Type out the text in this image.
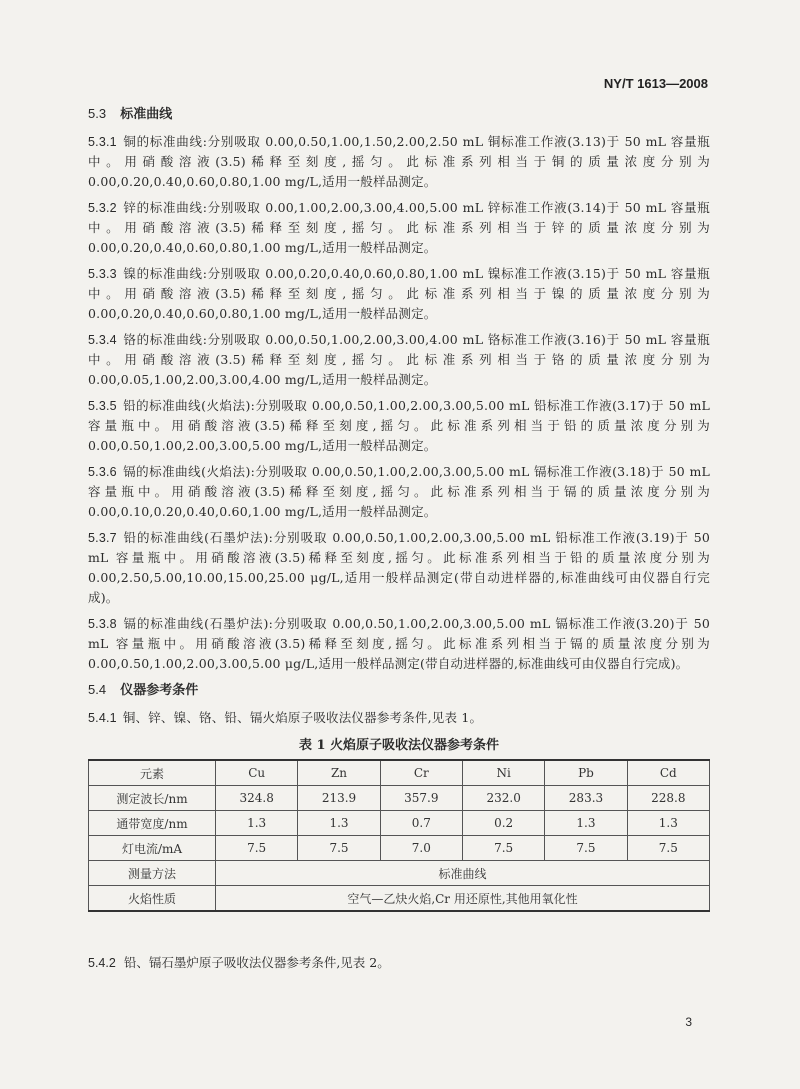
NY/T 1613—2008
5.3 标准曲线

5.3.1 铜的标准曲线:分别吸取 0.00,0.50,1.00,1.50,2.00,2.50 mL 铜标准工作液(3.13)于 50 mL 容量瓶中。用硝酸溶液(3.5)稀释至刻度,摇匀。此标准系列相当于铜的质量浓度分别为 0.00,0.20,0.40,0.60,0.80,1.00 mg/L,适用一般样品测定。

5.3.2 锌的标准曲线:分别吸取 0.00,1.00,2.00,3.00,4.00,5.00 mL 锌标准工作液(3.14)于 50 mL 容量瓶中。用硝酸溶液(3.5)稀释至刻度,摇匀。此标准系列相当于锌的质量浓度分别为 0.00,0.20,0.40,0.60,0.80,1.00 mg/L,适用一般样品测定。

5.3.3 镍的标准曲线:分别吸取 0.00,0.20,0.40,0.60,0.80,1.00 mL 镍标准工作液(3.15)于 50 mL 容量瓶中。用硝酸溶液(3.5)稀释至刻度,摇匀。此标准系列相当于镍的质量浓度分别为 0.00,0.20,0.40,0.60,0.80,1.00 mg/L,适用一般样品测定。

5.3.4 铬的标准曲线:分别吸取 0.00,0.50,1.00,2.00,3.00,4.00 mL 铬标准工作液(3.16)于 50 mL 容量瓶中。用硝酸溶液(3.5)稀释至刻度,摇匀。此标准系列相当于铬的质量浓度分别为 0.00,0.05,1.00,2.00,3.00,4.00 mg/L,适用一般样品测定。

5.3.5 铅的标准曲线(火焰法):分别吸取 0.00,0.50,1.00,2.00,3.00,5.00 mL 铅标准工作液(3.17)于 50 mL 容量瓶中。用硝酸溶液(3.5)稀释至刻度,摇匀。此标准系列相当于铅的质量浓度分别为 0.00,0.50,1.00,2.00,3.00,5.00 mg/L,适用一般样品测定。

5.3.6 镉的标准曲线(火焰法):分别吸取 0.00,0.50,1.00,2.00,3.00,5.00 mL 镉标准工作液(3.18)于 50 mL 容量瓶中。用硝酸溶液(3.5)稀释至刻度,摇匀。此标准系列相当于镉的质量浓度分别为 0.00,0.10,0.20,0.40,0.60,1.00 mg/L,适用一般样品测定。

5.3.7 铅的标准曲线(石墨炉法):分别吸取 0.00,0.50,1.00,2.00,3.00,5.00 mL 铅标准工作液(3.19)于 50 mL 容量瓶中。用硝酸溶液(3.5)稀释至刻度,摇匀。此标准系列相当于铅的质量浓度分别为 0.00,2.50,5.00,10.00,15.00,25.00 μg/L,适用一般样品测定(带自动进样器的,标准曲线可由仪器自行完成)。

5.3.8 镉的标准曲线(石墨炉法):分别吸取 0.00,0.50,1.00,2.00,3.00,5.00 mL 镉标准工作液(3.20)于 50 mL 容量瓶中。用硝酸溶液(3.5)稀释至刻度,摇匀。此标准系列相当于镉的质量浓度分别为 0.00,0.50,1.00,2.00,3.00,5.00 μg/L,适用一般样品测定(带自动进样器的,标准曲线可由仪器自行完成)。

5.4 仪器参考条件

5.4.1 铜、锌、镍、铬、铅、镉火焰原子吸收法仪器参考条件,见表 1。

表 1 火焰原子吸收法仪器参考条件
元素	Cu	Zn	Cr	Ni	Pb	Cd
测定波长/nm	324.8	213.9	357.9	232.0	283.3	228.8
通带宽度/nm	1.3	1.3	0.7	0.2	1.3	1.3
灯电流/mA	7.5	7.5	7.0	7.5	7.5	7.5
测量方法	标准曲线					
火焰性质	空气—乙炔火焰,Cr 用还原性,其他用氧化性					
5.4.2 铅、镉石墨炉原子吸收法仪器参考条件,见表 2。
3
